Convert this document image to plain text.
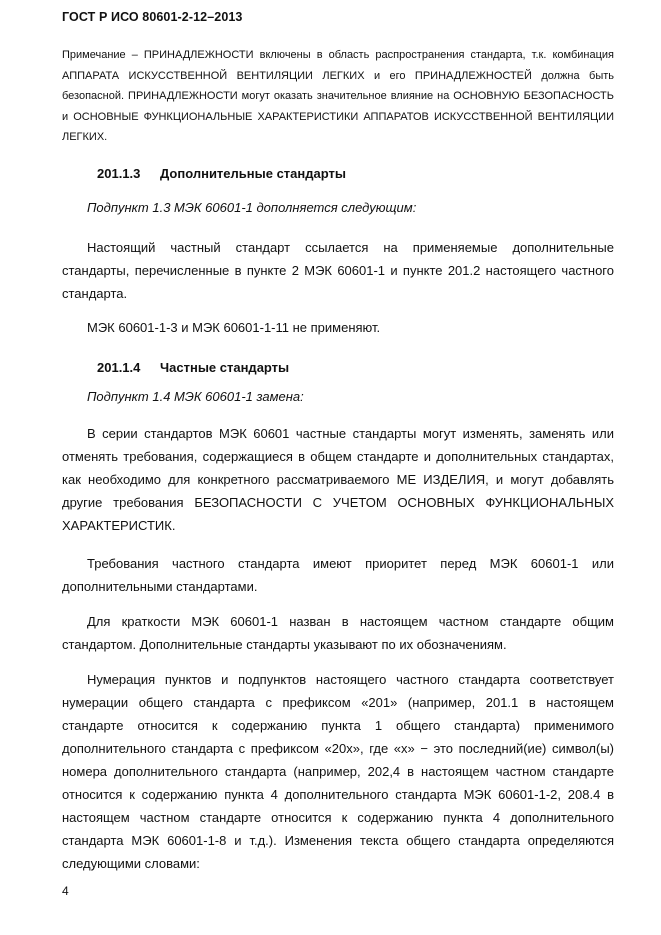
ГОСТ Р ИСО 80601-2-12–2013
Примечание – ПРИНАДЛЕЖНОСТИ включены в область распространения стандарта, т.к. комбинация АППАРАТА ИСКУССТВЕННОЙ ВЕНТИЛЯЦИИ ЛЕГКИХ и его ПРИНАДЛЕЖНОСТЕЙ должна быть безопасной. ПРИНАДЛЕЖНОСТИ могут оказать значительное влияние на ОСНОВНУЮ БЕЗОПАСНОСТЬ и ОСНОВНЫЕ ФУНКЦИОНАЛЬНЫЕ ХАРАКТЕРИСТИКИ АППАРАТОВ ИСКУССТВЕННОЙ ВЕНТИЛЯЦИИ ЛЕГКИХ.
201.1.3 Дополнительные стандарты
Подпункт 1.3 МЭК 60601-1 дополняется следующим:
Настоящий частный стандарт ссылается на применяемые дополнительные стандарты, перечисленные в пункте 2 МЭК 60601-1 и пункте 201.2 настоящего частного стандарта.
МЭК 60601-1-3 и МЭК 60601-1-11 не применяют.
201.1.4 Частные стандарты
Подпункт 1.4 МЭК 60601-1 замена:
В серии стандартов МЭК 60601 частные стандарты могут изменять, заменять или отменять требования, содержащиеся в общем стандарте и дополнительных стандартах, как необходимо для конкретного рассматриваемого МЕ ИЗДЕЛИЯ, и могут добавлять другие требования БЕЗОПАСНОСТИ С УЧЕТОМ ОСНОВНЫХ ФУНКЦИОНАЛЬНЫХ ХАРАКТЕРИСТИК.
Требования частного стандарта имеют приоритет перед МЭК 60601-1 или дополнительными стандартами.
Для краткости МЭК 60601-1 назван в настоящем частном стандарте общим стандартом. Дополнительные стандарты указывают по их обозначениям.
Нумерация пунктов и подпунктов настоящего частного стандарта соответствует нумерации общего стандарта с префиксом «201» (например, 201.1 в настоящем стандарте относится к содержанию пункта 1 общего стандарта) применимого дополнительного стандарта с префиксом «20х», где «х» − это последний(ие) символ(ы) номера дополнительного стандарта (например, 202,4 в настоящем частном стандарте относится к содержанию пункта 4 дополнительного стандарта МЭК 60601-1-2, 208.4 в настоящем частном стандарте относится к содержанию пункта 4 дополнительного стандарта МЭК 60601-1-8 и т.д.). Изменения текста общего стандарта определяются следующими словами:
4
